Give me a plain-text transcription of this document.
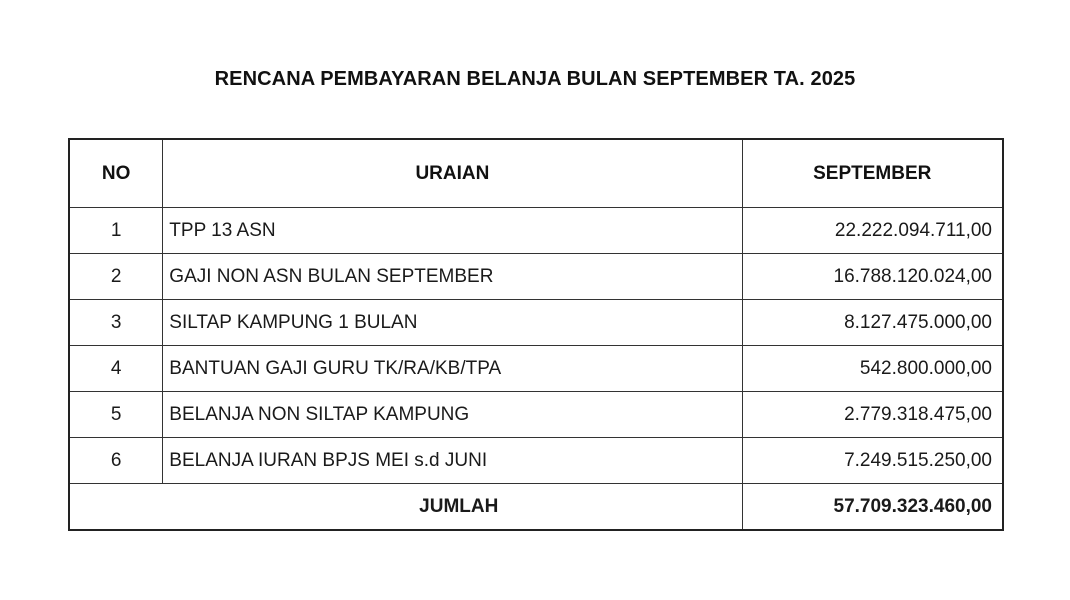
RENCANA PEMBAYARAN BELANJA BULAN SEPTEMBER TA. 2025
NO	URAIAN	SEPTEMBER
1	TPP 13 ASN	22.222.094.711,00
2	GAJI NON ASN BULAN SEPTEMBER	16.788.120.024,00
3	SILTAP KAMPUNG 1 BULAN	8.127.475.000,00
4	BANTUAN GAJI GURU TK/RA/KB/TPA	542.800.000,00
5	BELANJA NON SILTAP KAMPUNG	2.779.318.475,00
6	BELANJA IURAN BPJS MEI s.d JUNI	7.249.515.250,00
JUMLAH		57.709.323.460,00
